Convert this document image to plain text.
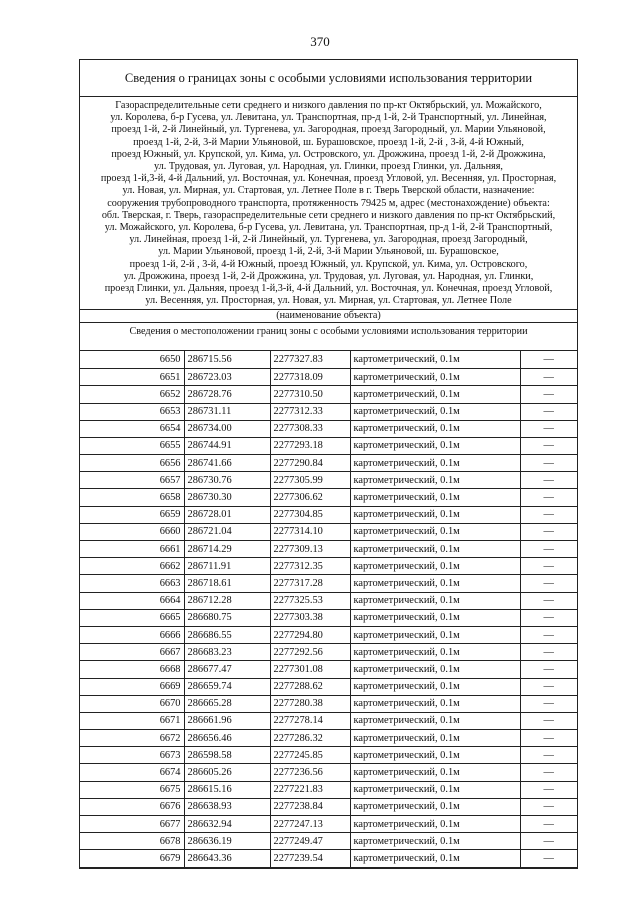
370
Сведения о границах зоны с особыми условиями использования территории
Газораспределительные сети среднего и низкого давления по пр-кт Октябрьский, ул. Можайского,
ул. Королева, б-р Гусева, ул. Левитана, ул. Транспортная, пр-д 1-й, 2-й Транспортный, ул. Линейная,
проезд 1-й, 2-й Линейный, ул. Тургенева, ул. Загородная, проезд Загородный, ул. Марии Ульяновой,
проезд 1-й, 2-й, 3-й Марии Ульяновой, ш. Бурашовское, проезд 1-й, 2-й , 3-й, 4-й Южный,
проезд Южный, ул. Крупской, ул. Кима, ул. Островского, ул. Дрожжина, проезд 1-й, 2-й Дрожжина,
ул. Трудовая, ул. Луговая, ул. Народная, ул. Глинки, проезд Глинки, ул. Дальняя,
проезд 1-й,3-й, 4-й Дальний, ул. Восточная, ул. Конечная, проезд Угловой, ул. Весенняя, ул. Просторная,
ул. Новая, ул. Мирная, ул. Стартовая, ул. Летнее Поле в г. Тверь Тверской области, назначение:
сооружения трубопроводного транспорта, протяженность 79425 м, адрес (местонахождение) объекта:
обл. Тверская, г. Тверь, газораспределительные сети среднего и низкого давления по пр-кт Октябрьский,
ул. Можайского, ул. Королева, б-р Гусева, ул. Левитана, ул. Транспортная, пр-д 1-й, 2-й Транспортный,
ул. Линейная, проезд 1-й, 2-й Линейный, ул. Тургенева, ул. Загородная, проезд Загородный,
ул. Марии Ульяновой, проезд 1-й, 2-й, 3-й Марии Ульяновой, ш. Бурашовское,
проезд 1-й, 2-й , 3-й, 4-й Южный, проезд Южный, ул. Крупской, ул. Кима, ул. Островского,
ул. Дрожжина, проезд 1-й, 2-й Дрожжина, ул. Трудовая, ул. Луговая, ул. Народная, ул. Глинки,
проезд Глинки, ул. Дальняя, проезд 1-й,3-й, 4-й Дальний, ул. Восточная, ул. Конечная, проезд Угловой,
ул. Весенняя, ул. Просторная, ул. Новая, ул. Мирная, ул. Стартовая, ул. Летнее Поле
(наименование объекта)
Сведения о местоположении границ зоны с особыми условиями использования территории
6650	286715.56	2277327.83	картометрический, 0.1м	—
6651	286723.03	2277318.09	картометрический, 0.1м	—
6652	286728.76	2277310.50	картометрический, 0.1м	—
6653	286731.11	2277312.33	картометрический, 0.1м	—
6654	286734.00	2277308.33	картометрический, 0.1м	—
6655	286744.91	2277293.18	картометрический, 0.1м	—
6656	286741.66	2277290.84	картометрический, 0.1м	—
6657	286730.76	2277305.99	картометрический, 0.1м	—
6658	286730.30	2277306.62	картометрический, 0.1м	—
6659	286728.01	2277304.85	картометрический, 0.1м	—
6660	286721.04	2277314.10	картометрический, 0.1м	—
6661	286714.29	2277309.13	картометрический, 0.1м	—
6662	286711.91	2277312.35	картометрический, 0.1м	—
6663	286718.61	2277317.28	картометрический, 0.1м	—
6664	286712.28	2277325.53	картометрический, 0.1м	—
6665	286680.75	2277303.38	картометрический, 0.1м	—
6666	286686.55	2277294.80	картометрический, 0.1м	—
6667	286683.23	2277292.56	картометрический, 0.1м	—
6668	286677.47	2277301.08	картометрический, 0.1м	—
6669	286659.74	2277288.62	картометрический, 0.1м	—
6670	286665.28	2277280.38	картометрический, 0.1м	—
6671	286661.96	2277278.14	картометрический, 0.1м	—
6672	286656.46	2277286.32	картометрический, 0.1м	—
6673	286598.58	2277245.85	картометрический, 0.1м	—
6674	286605.26	2277236.56	картометрический, 0.1м	—
6675	286615.16	2277221.83	картометрический, 0.1м	—
6676	286638.93	2277238.84	картометрический, 0.1м	—
6677	286632.94	2277247.13	картометрический, 0.1м	—
6678	286636.19	2277249.47	картометрический, 0.1м	—
6679	286643.36	2277239.54	картометрический, 0.1м	—
